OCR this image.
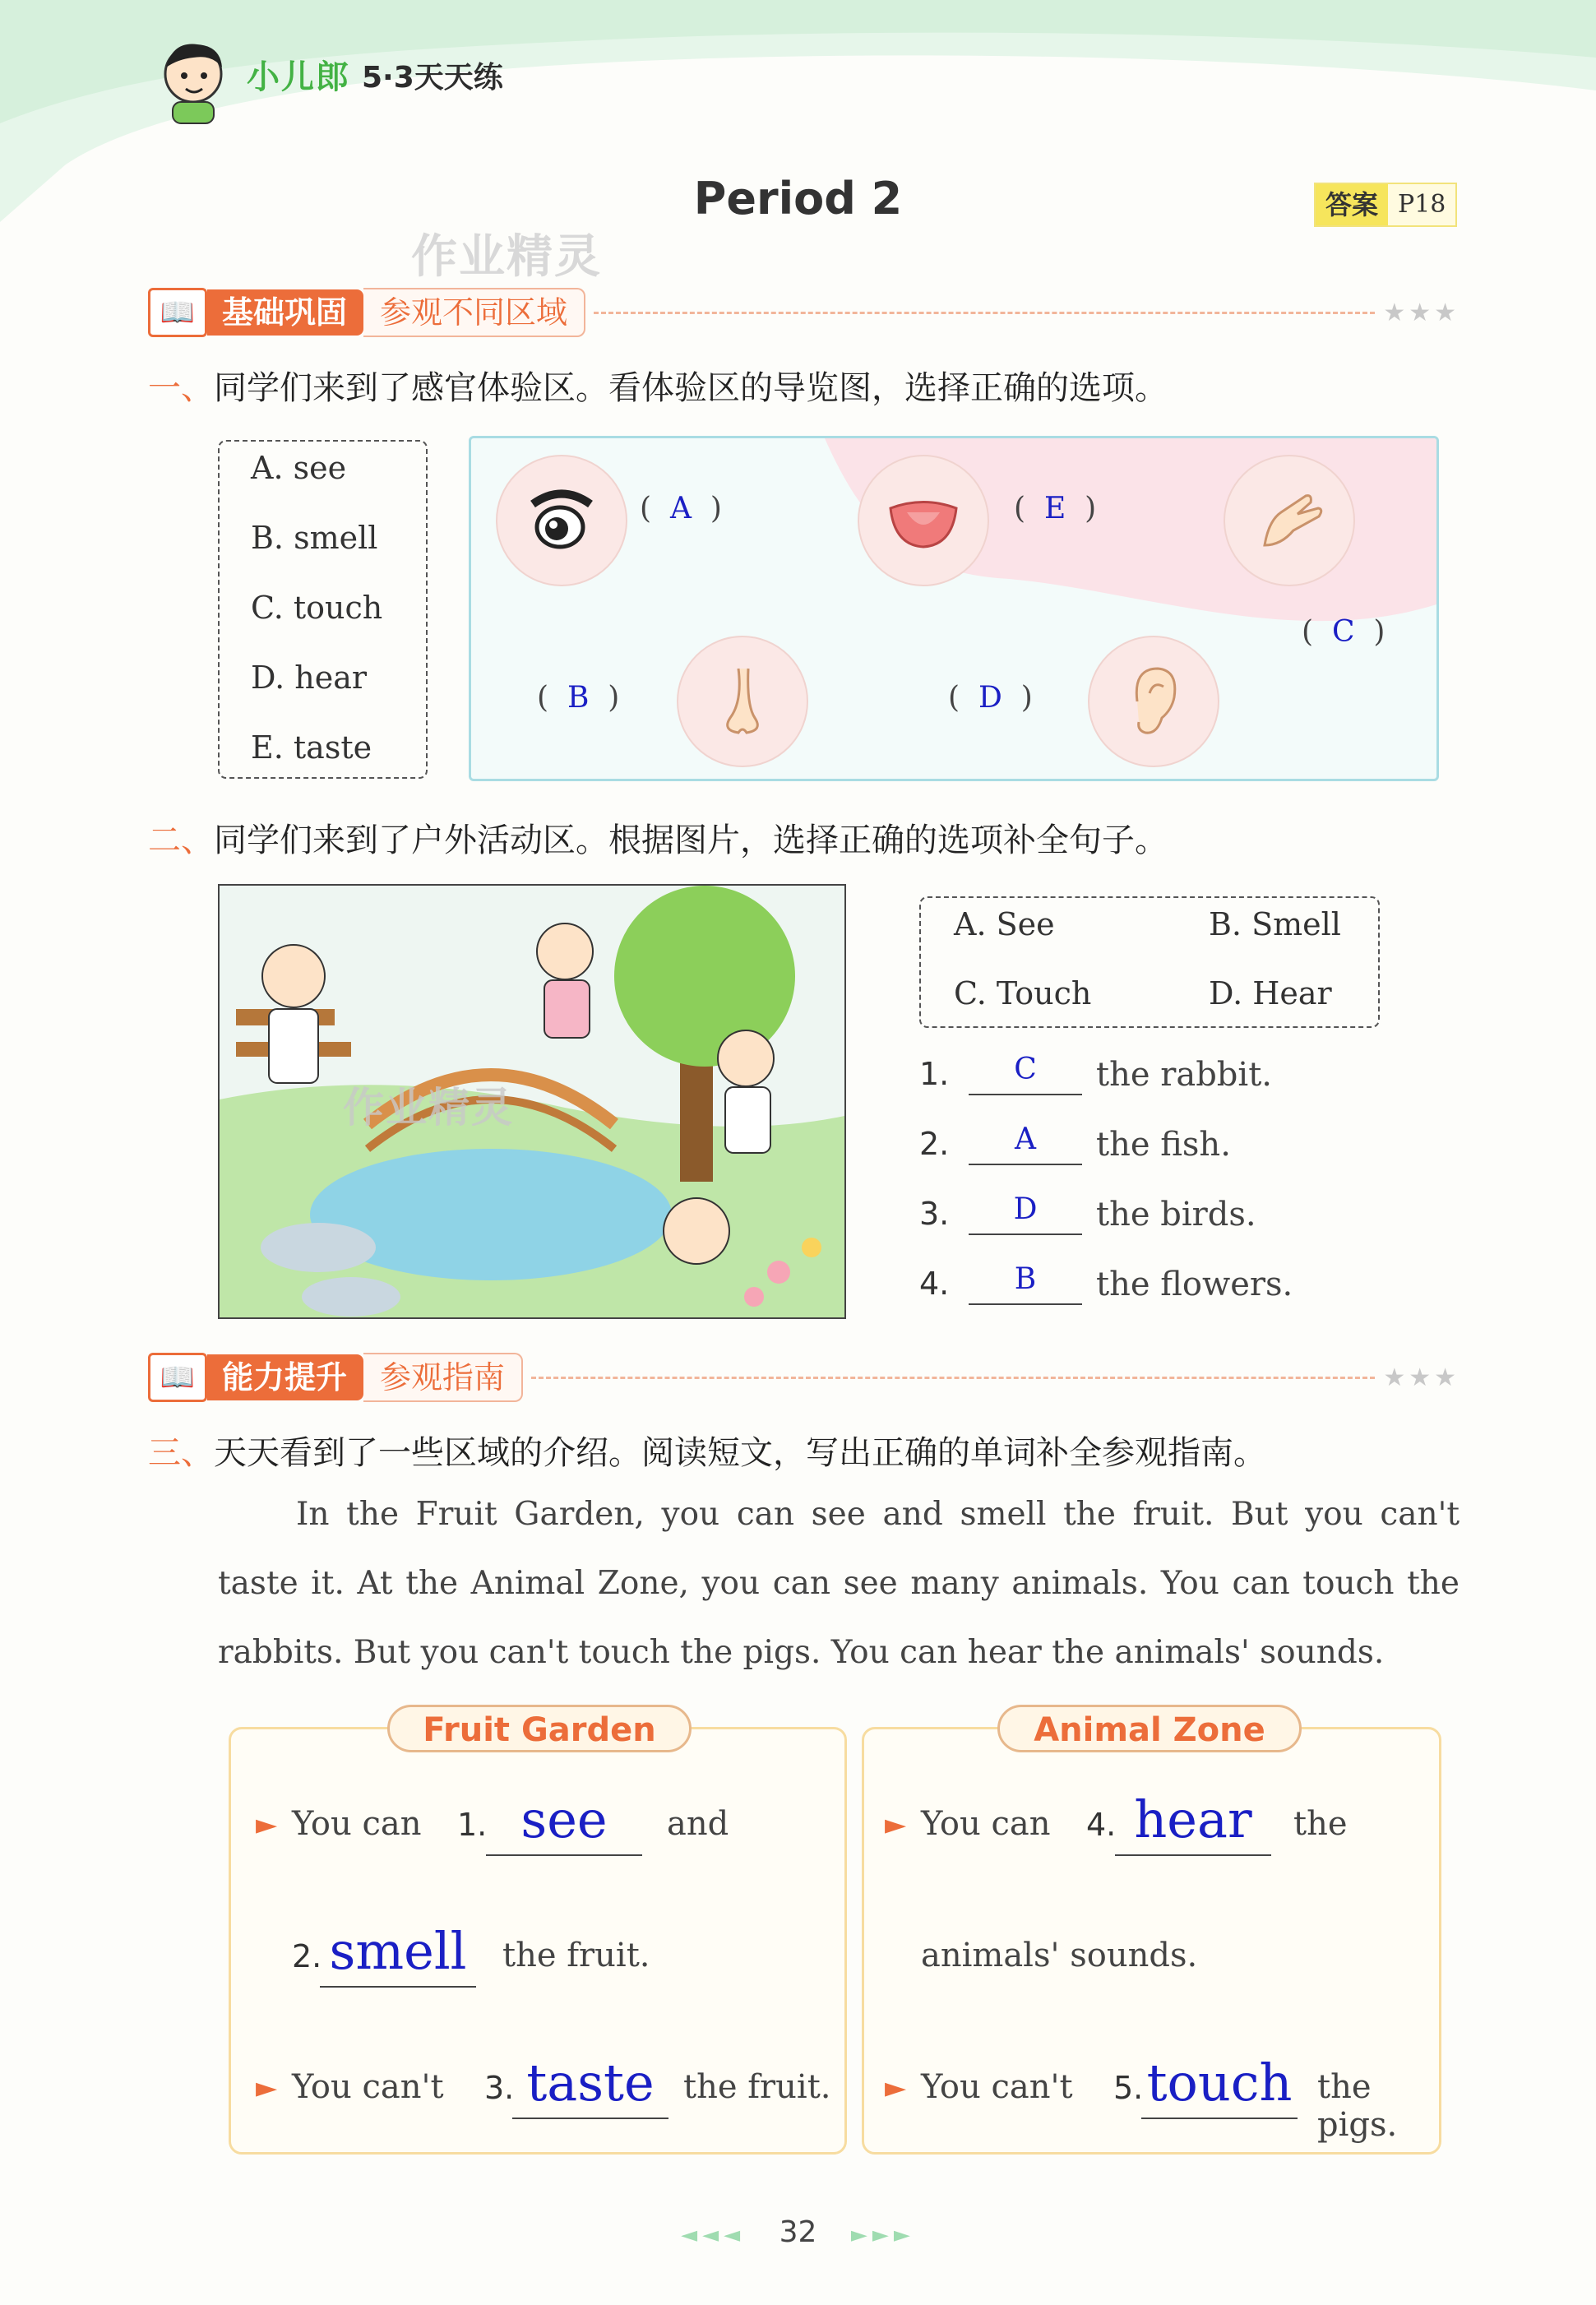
小儿郎 5·3天天练
Period 2	答案 P18
作业精灵
📖 基础巩固	参观不同区域	★★★
一、同学们来到了感官体验区。看体验区的导览图，选择正确的选项。
A. see
B. smell
C. touch
D. hear
E. taste
(  A  )	(  E  )
(  C  )
(  B  )	(  D  )
二、同学们来到了户外活动区。根据图片，选择正确的选项补全句子。
作业精灵
A. See	B. Smell
C. Touch	D. Hear
1.	C	the rabbit.
2.	A	the fish.
3.	D	the birds.
4.	B	the flowers.
📖 能力提升	参观指南	★★★
三、天天看到了一些区域的介绍。阅读短文，写出正确的单词补全参观指南。
In the Fruit Garden, you can see and smell the fruit. But you can't taste it. At the Animal Zone, you can see many animals. You can touch the rabbits. But you can't touch the pigs. You can hear the animals' sounds.
Fruit Garden
► You can 1. see	and
2. smell the fruit.
► You can't 3. taste the fruit.
Animal Zone
► You can 4. hear	the
animals' sounds.
► You can't 5. touch the pigs.
◄◄◄ 32 ►►►
